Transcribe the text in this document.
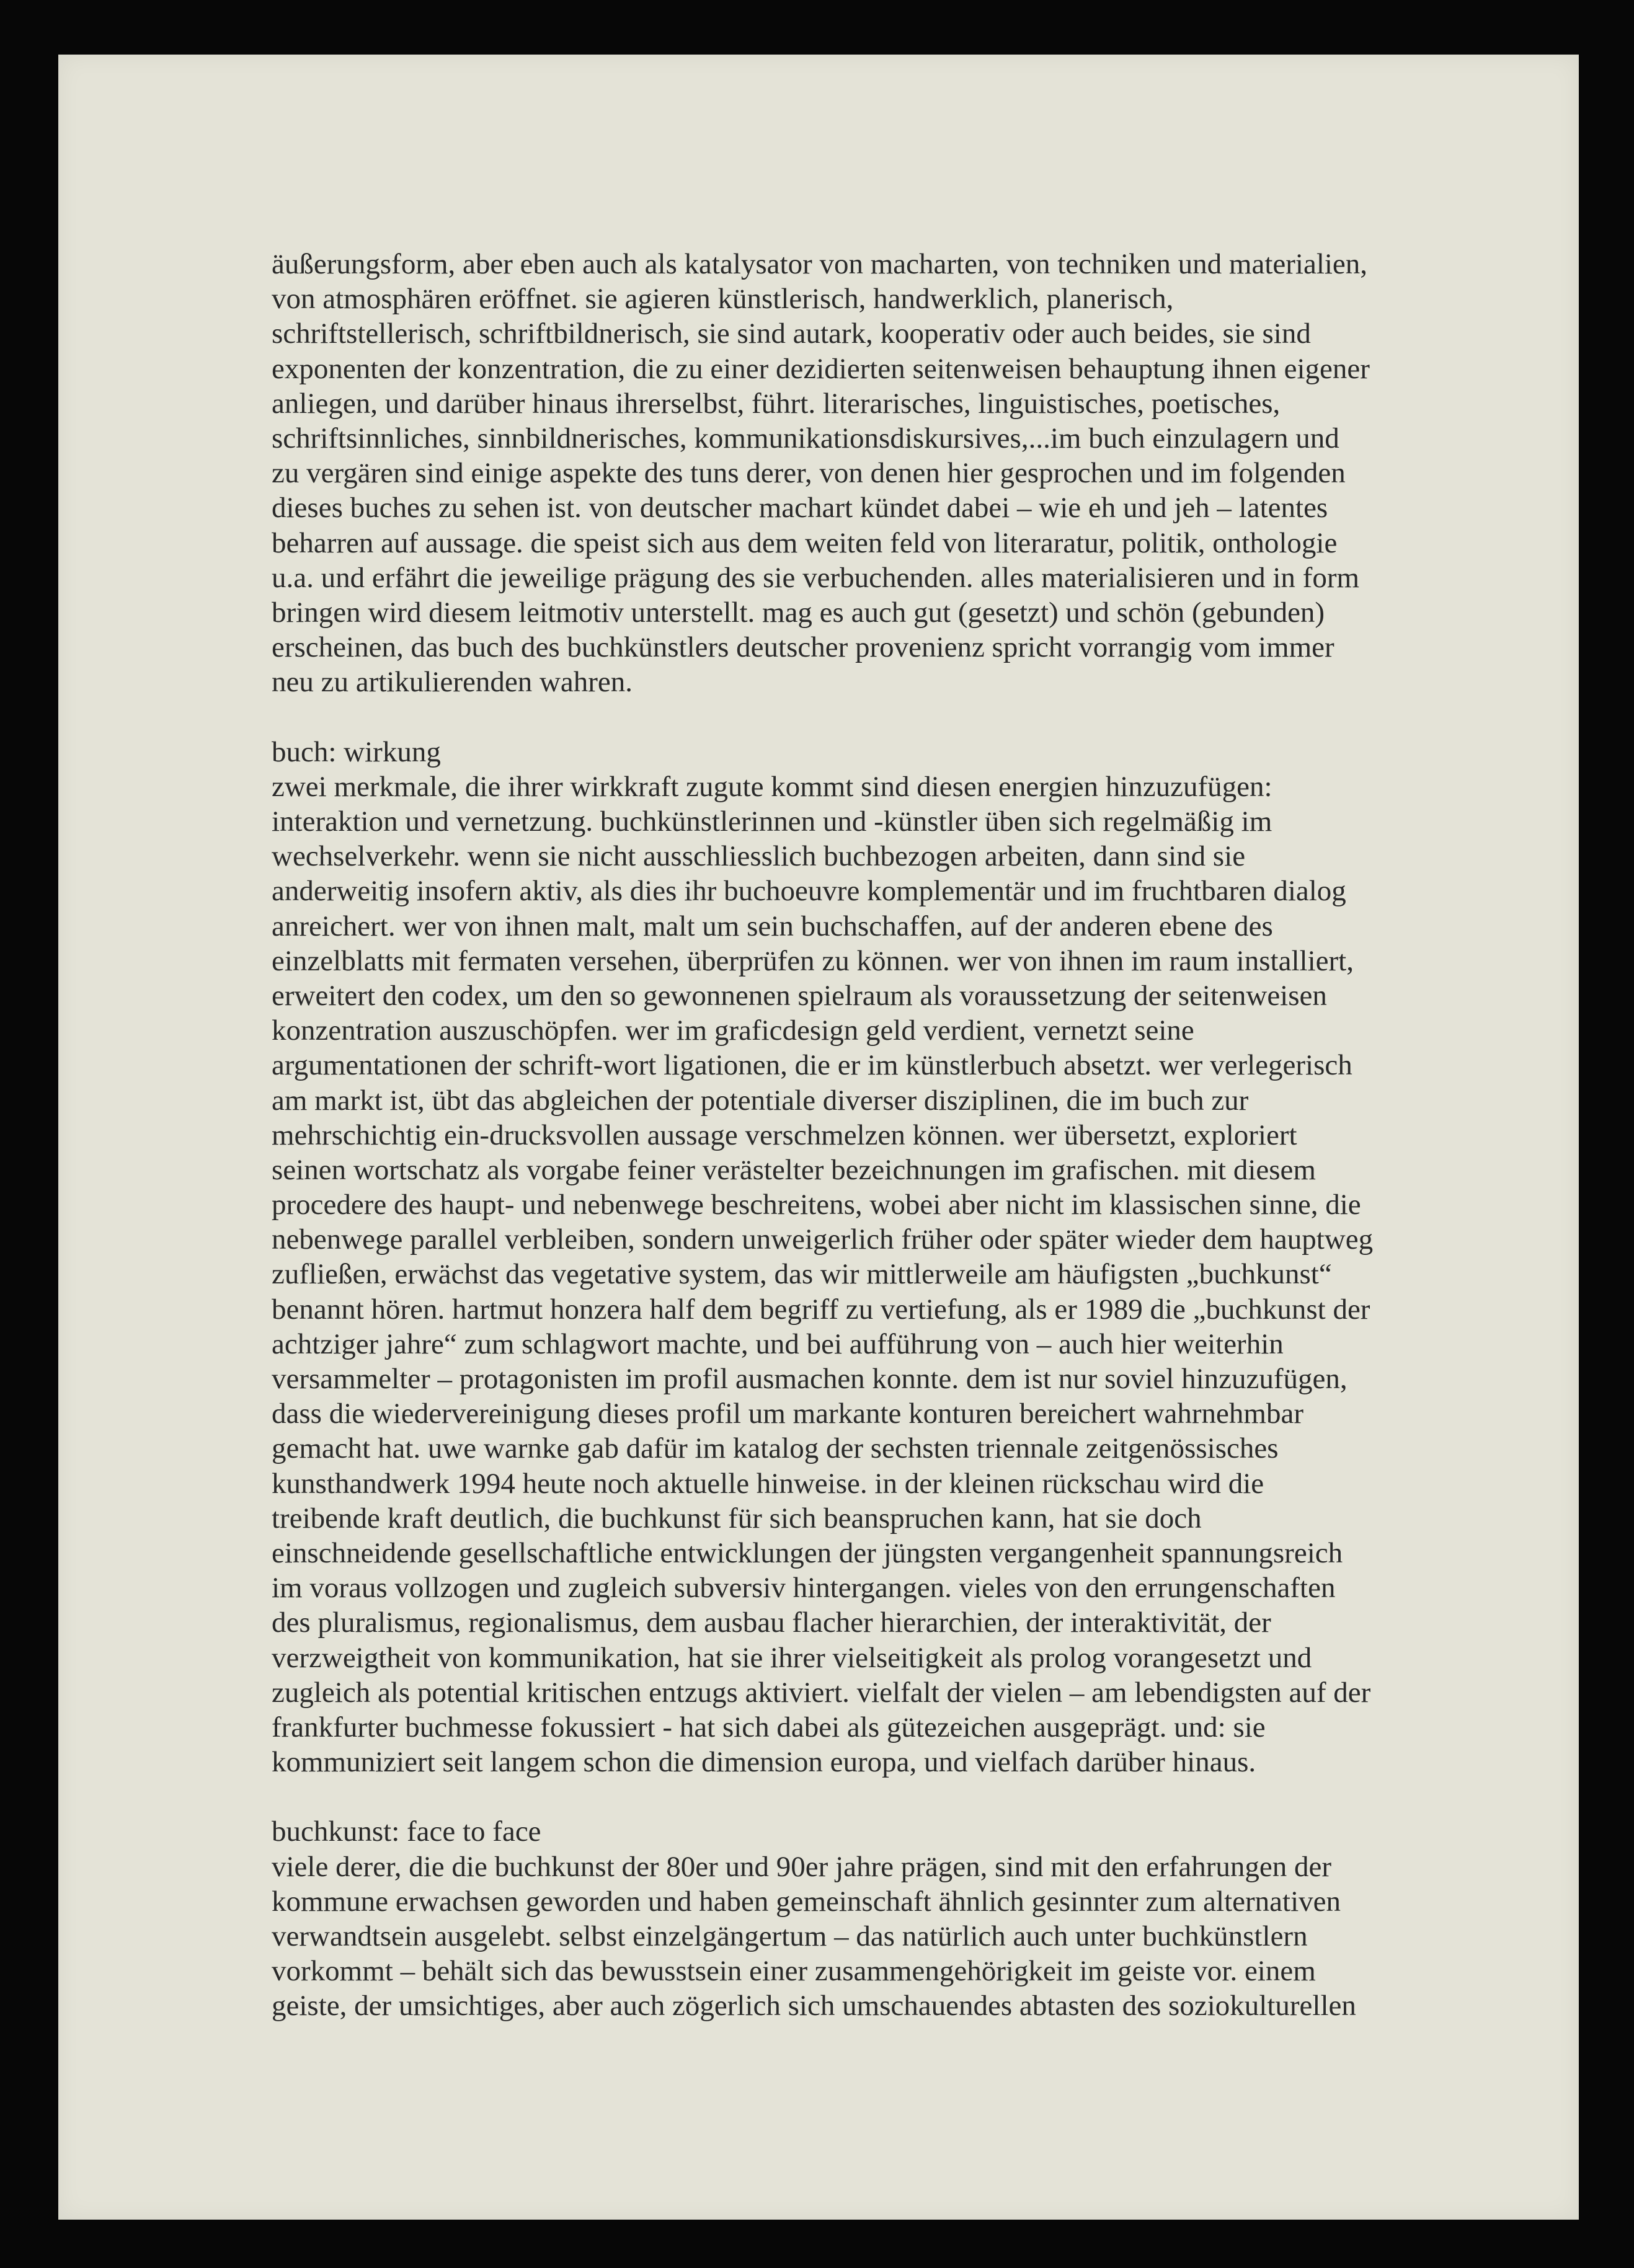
äußerungsform, aber eben auch als katalysator von macharten, von techniken und materialien,
von atmosphären eröffnet. sie agieren künstlerisch, handwerklich, planerisch,
schriftstellerisch, schriftbildnerisch, sie sind autark, kooperativ oder auch beides, sie sind
exponenten der konzentration, die zu einer dezidierten seitenweisen behauptung ihnen eigener
anliegen, und darüber hinaus ihrerselbst, führt. literarisches, linguistisches, poetisches,
schriftsinnliches, sinnbildnerisches, kommunikationsdiskursives,...im buch einzulagern und
zu vergären sind einige aspekte des tuns derer, von denen hier gesprochen und im folgenden
dieses buches zu sehen ist. von deutscher machart kündet dabei – wie eh und jeh – latentes
beharren auf aussage. die speist sich aus dem weiten feld von literaratur, politik, onthologie
u.a. und erfährt die jeweilige prägung des sie verbuchenden. alles materialisieren und in form
bringen wird diesem leitmotiv unterstellt. mag es auch gut (gesetzt) und schön (gebunden)
erscheinen, das buch des buchkünstlers deutscher provenienz spricht vorrangig vom immer
neu zu artikulierenden wahren.
buch: wirkung
zwei merkmale, die ihrer wirkkraft zugute kommt sind diesen energien hinzuzufügen:
interaktion und vernetzung. buchkünstlerinnen und -künstler üben sich regelmäßig im
wechselverkehr. wenn sie nicht ausschliesslich buchbezogen arbeiten, dann sind sie
anderweitig insofern aktiv, als dies ihr buchoeuvre komplementär und im fruchtbaren dialog
anreichert. wer von ihnen malt, malt um sein buchschaffen, auf der anderen ebene des
einzelblatts mit fermaten versehen, überprüfen zu können. wer von ihnen im raum installiert,
erweitert den codex, um den so gewonnenen spielraum als voraussetzung der seitenweisen
konzentration auszuschöpfen. wer im graficdesign geld verdient, vernetzt seine
argumentationen der schrift-wort ligationen, die er im künstlerbuch absetzt. wer verlegerisch
am markt ist, übt das abgleichen der potentiale diverser disziplinen, die im buch zur
mehrschichtig ein-drucksvollen aussage verschmelzen können. wer übersetzt, exploriert
seinen wortschatz als vorgabe feiner verästelter bezeichnungen im grafischen. mit diesem
procedere des haupt- und nebenwege beschreitens, wobei aber nicht im klassischen sinne, die
nebenwege parallel verbleiben, sondern unweigerlich früher oder später wieder dem hauptweg
zufließen, erwächst das vegetative system, das wir mittlerweile am häufigsten „buchkunst“
benannt hören. hartmut honzera half dem begriff zu vertiefung, als er 1989 die „buchkunst der
achtziger jahre“ zum schlagwort machte, und bei aufführung von – auch hier weiterhin
versammelter – protagonisten im profil ausmachen konnte. dem ist nur soviel hinzuzufügen,
dass die wiedervereinigung dieses profil um markante konturen bereichert wahrnehmbar
gemacht hat. uwe warnke gab dafür im katalog der sechsten triennale zeitgenössisches
kunsthandwerk 1994 heute noch aktuelle hinweise. in der kleinen rückschau wird die
treibende kraft deutlich, die buchkunst für sich beanspruchen kann, hat sie doch
einschneidende gesellschaftliche entwicklungen der jüngsten vergangenheit spannungsreich
im voraus vollzogen und zugleich subversiv hintergangen. vieles von den errungenschaften
des pluralismus, regionalismus, dem ausbau flacher hierarchien, der interaktivität, der
verzweigtheit von kommunikation, hat sie ihrer vielseitigkeit als prolog vorangesetzt und
zugleich als potential kritischen entzugs aktiviert. vielfalt der vielen – am lebendigsten auf der
frankfurter buchmesse fokussiert - hat sich dabei als gütezeichen ausgeprägt. und: sie
kommuniziert seit langem schon die dimension europa, und vielfach darüber hinaus.
buchkunst: face to face
viele derer, die die buchkunst der 80er und 90er jahre prägen, sind mit den erfahrungen der
kommune erwachsen geworden und haben gemeinschaft ähnlich gesinnter zum alternativen
verwandtsein ausgelebt. selbst einzelgängertum – das natürlich auch unter buchkünstlern
vorkommt – behält sich das bewusstsein einer zusammengehörigkeit im geiste vor. einem
geiste, der umsichtiges, aber auch zögerlich sich umschauendes abtasten des soziokulturellen
